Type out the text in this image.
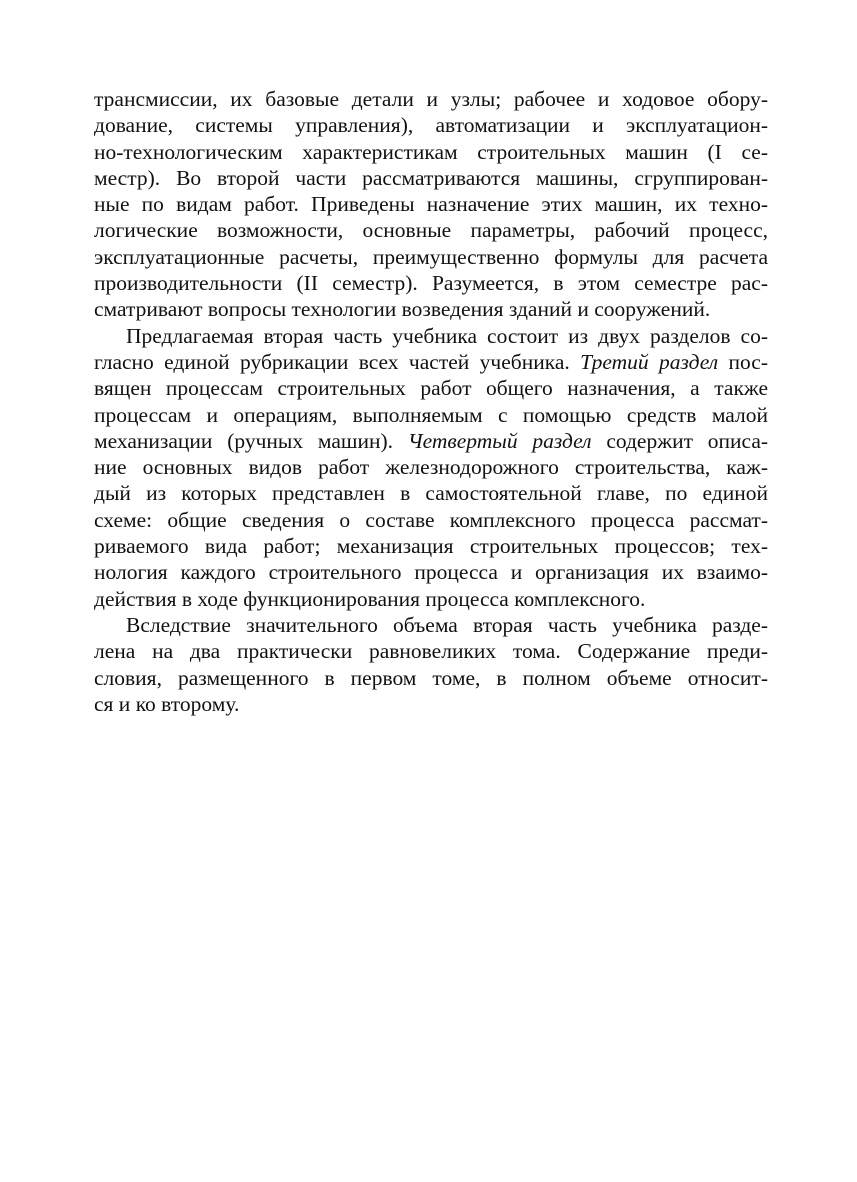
трансмиссии, их базовые детали и узлы; рабочее и ходовое обору-
дование, системы управления), автоматизации и эксплуатацион-
но-технологическим характеристикам строительных машин (I се-
местр). Во второй части рассматриваются машины, сгруппирован-
ные по видам работ. Приведены назначение этих машин, их техно-
логические возможности, основные параметры, рабочий процесс,
эксплуатационные расчеты, преимущественно формулы для расчета
производительности (II семестр). Разумеется, в этом семестре рас-
сматривают вопросы технологии возведения зданий и сооружений.
Предлагаемая вторая часть учебника состоит из двух разделов со-
гласно единой рубрикации всех частей учебника. Третий раздел пос-
вящен процессам строительных работ общего назначения, а также
процессам и операциям, выполняемым с помощью средств малой
механизации (ручных машин). Четвертый раздел содержит описа-
ние основных видов работ железнодорожного строительства, каж-
дый из которых представлен в самостоятельной главе, по единой
схеме: общие сведения о составе комплексного процесса рассмат-
риваемого вида работ; механизация строительных процессов; тех-
нология каждого строительного процесса и организация их взаимо-
действия в ходе функционирования процесса комплексного.
Вследствие значительного объема вторая часть учебника разде-
лена на два практически равновеликих тома. Содержание преди-
словия, размещенного в первом томе, в полном объеме относит-
ся и ко второму.
